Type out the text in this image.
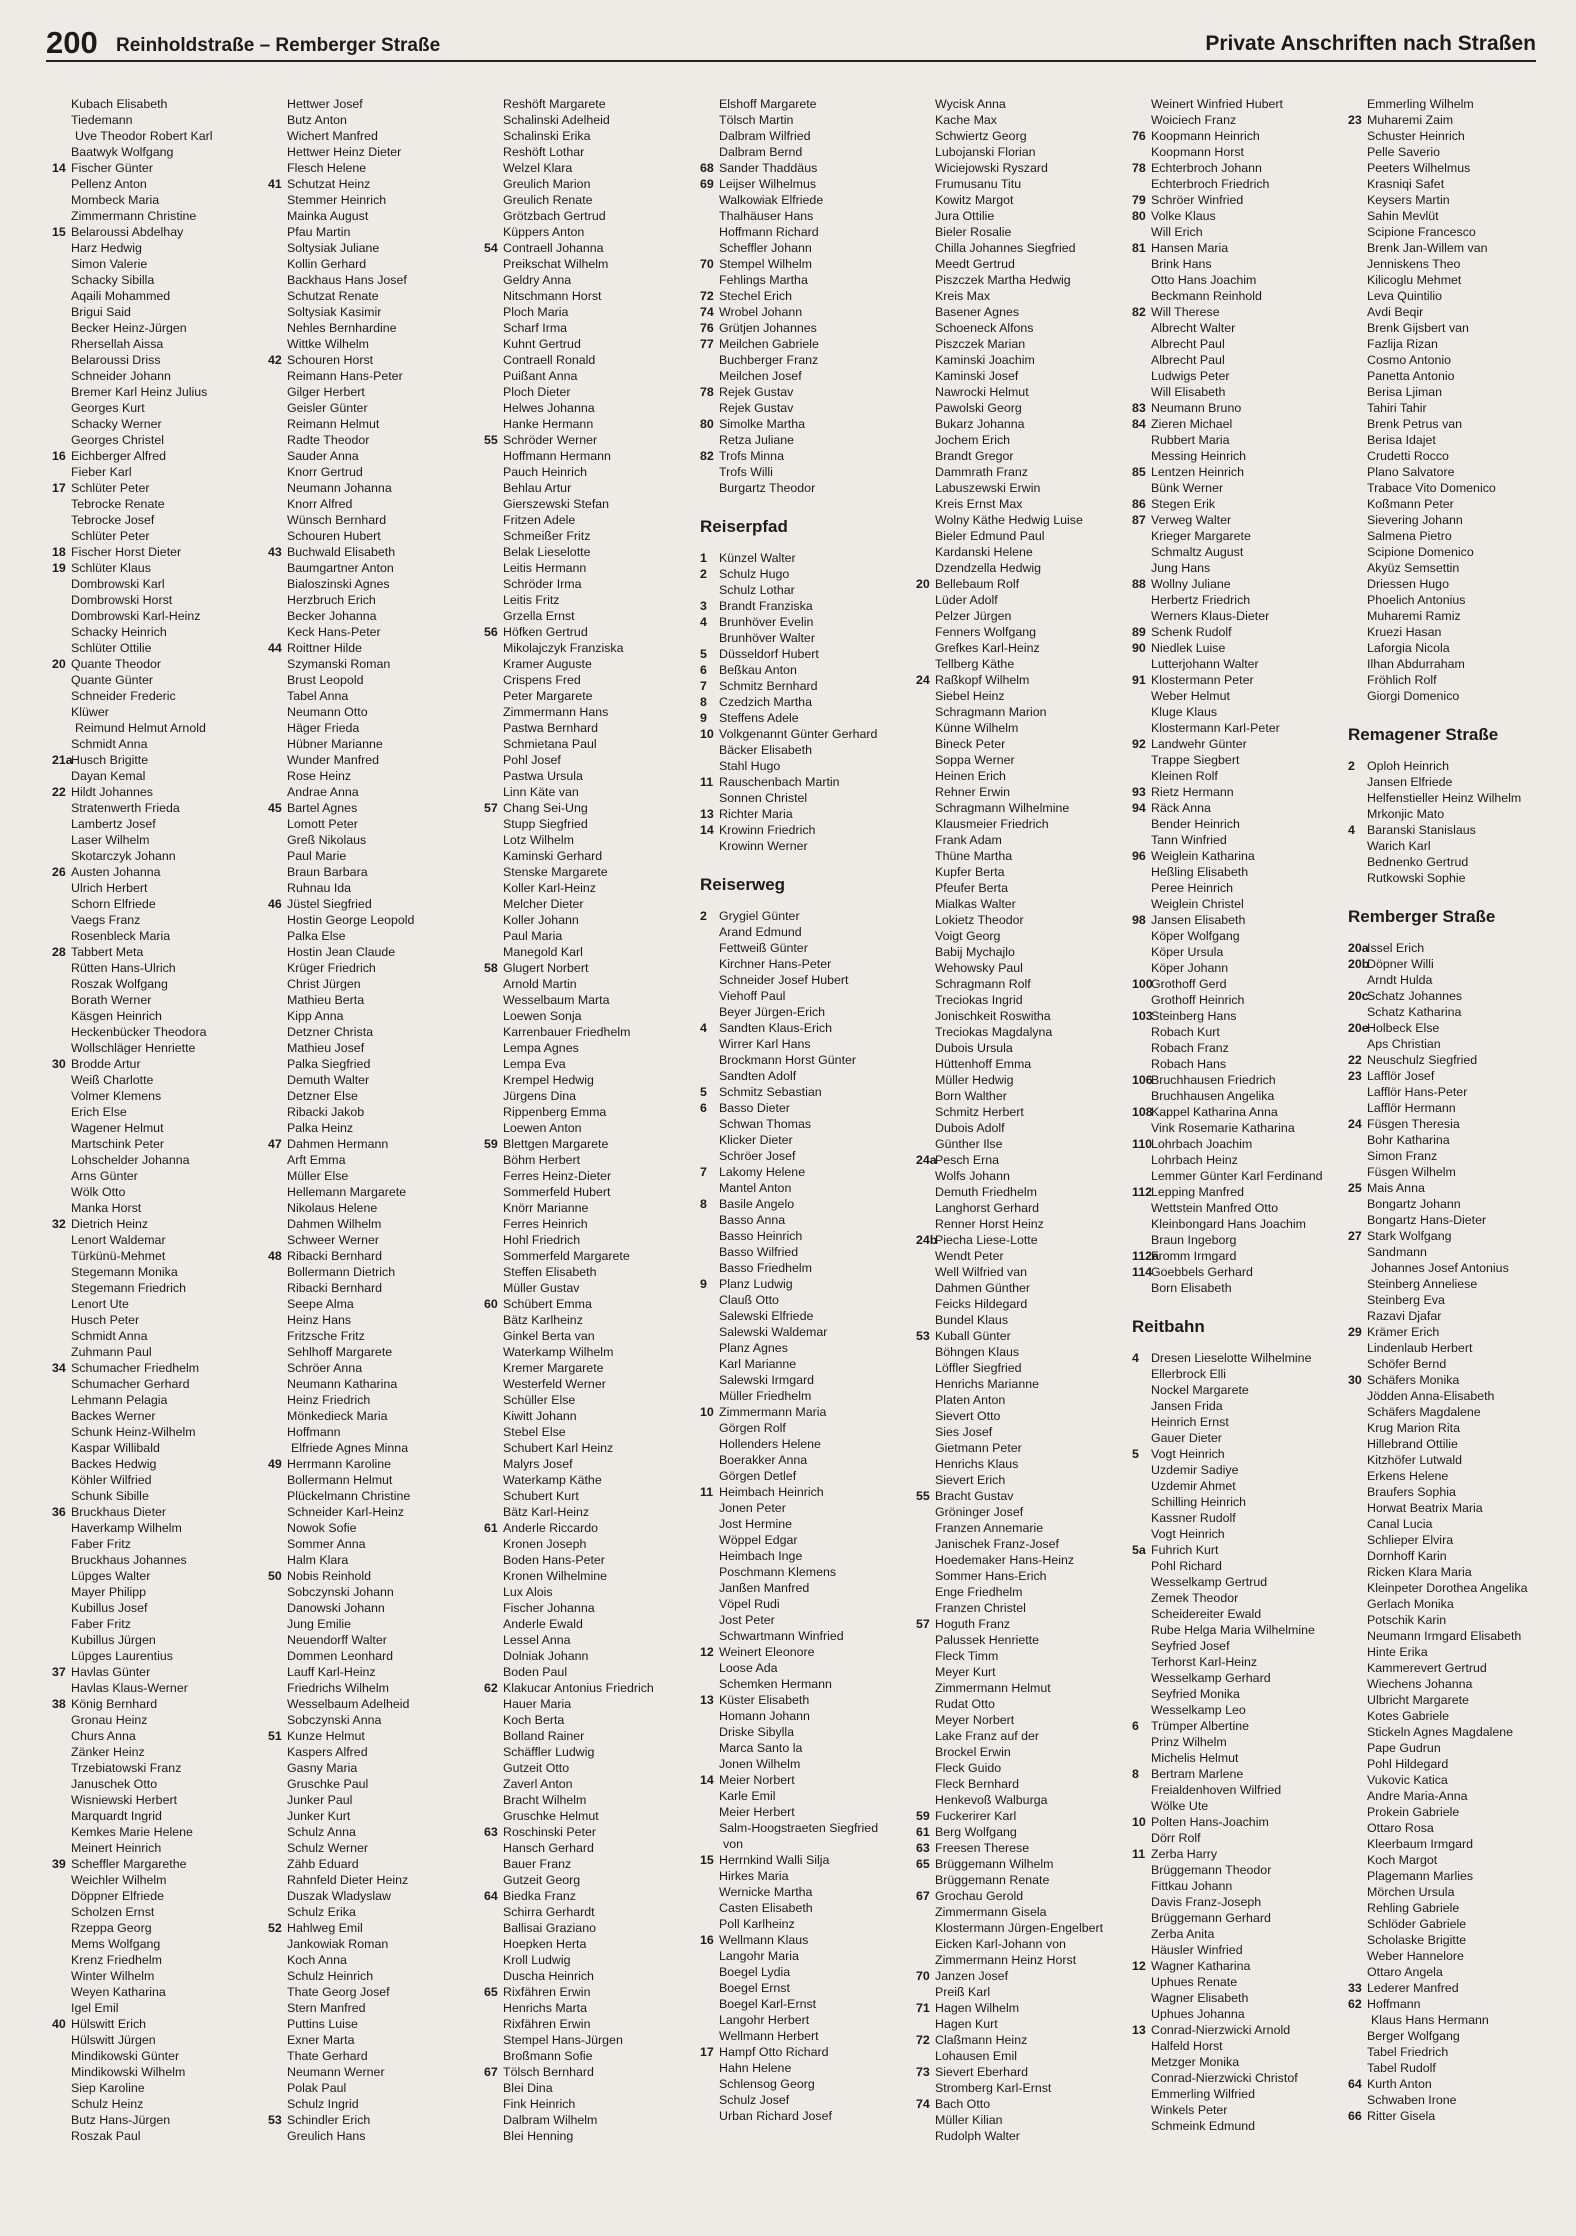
200 Reinholdstraße – Remberger Straße	Private Anschriften nach Straßen
Kubach Elisabeth
Tiedemann
Uve Theodor Robert Karl
Baatwyk Wolfgang
14 Fischer Günter
Pellenz Anton
Mombeck Maria
Zimmermann Christine
15 Belaroussi Abdelhay
Harz Hedwig
Simon Valerie
Schacky Sibilla
Aqaili Mohammed
Brigui Said
Becker Heinz-Jürgen
Rhersellah Aissa
Belaroussi Driss
Schneider Johann
Bremer Karl Heinz Julius
Georges Kurt
Schacky Werner
Georges Christel
16 Eichberger Alfred
Fieber Karl
17 Schlüter Peter
Tebrocke Renate
Tebrocke Josef
Schlüter Peter
18 Fischer Horst Dieter
19 Schlüter Klaus
Dombrowski Karl
Dombrowski Horst
Dombrowski Karl-Heinz
Schacky Heinrich
Schlüter Ottilie
20 Quante Theodor
Quante Günter
Schneider Frederic
Klüwer
Reimund Helmut Arnold
Schmidt Anna
21a
Husch Brigitte
Dayan Kemal
22 Hildt Johannes
Stratenwerth Frieda
Lambertz Josef
Laser Wilhelm
Skotarczyk Johann
26 Austen Johanna
Ulrich Herbert
Schorn Elfriede
Vaegs Franz
Rosenbleck Maria
28 Tabbert Meta
Rütten Hans-Ulrich
Roszak Wolfgang
Borath Werner
Käsgen Heinrich
Heckenbücker Theodora
Wollschläger Henriette
30 Brodde Artur
Weiß Charlotte
Volmer Klemens
Erich Else
Wagener Helmut
Martschink Peter
Lohschelder Johanna
Arns Günter
Wölk Otto
Manka Horst
32 Dietrich Heinz
Lenort Waldemar
Türkünü-Mehmet
Stegemann Monika
Stegemann Friedrich
Lenort Ute
Husch Peter
Schmidt Anna
Zuhmann Paul
34 Schumacher Friedhelm
Schumacher Gerhard
Lehmann Pelagia
Backes Werner
Schunk Heinz-Wilhelm
Kaspar Willibald
Backes Hedwig
Köhler Wilfried
Schunk Sibille
36 Bruckhaus Dieter
Haverkamp Wilhelm
Faber Fritz
Bruckhaus Johannes
Lüpges Walter
Mayer Philipp
Kubillus Josef
Faber Fritz
Kubillus Jürgen
Lüpges Laurentius
37 Havlas Günter
Havlas Klaus-Werner
38 König Bernhard
Gronau Heinz
Churs Anna
Zänker Heinz
Trzebiatowski Franz
Januschek Otto
Wisniewski Herbert
Marquardt Ingrid
Kemkes Marie Helene
Meinert Heinrich
39 Scheffler Margarethe
Weichler Wilhelm
Döppner Elfriede
Scholzen Ernst
Rzeppa Georg
Mems Wolfgang
Krenz Friedhelm
Winter Wilhelm
Weyen Katharina
Igel Emil
40 Hülswitt Erich
Hülswitt Jürgen
Mindikowski Günter
Mindikowski Wilhelm
Siep Karoline
Schulz Heinz
Butz Hans-Jürgen
Roszak Paul
Hettwer Josef
Butz Anton
Wichert Manfred
Hettwer Heinz Dieter
Flesch Helene
41 Schutzat Heinz
Stemmer Heinrich
Mainka August
Pfau Martin
Soltysiak Juliane
Kollin Gerhard
Backhaus Hans Josef
Schutzat Renate
Soltysiak Kasimir
Nehles Bernhardine
Wittke Wilhelm
42 Schouren Horst
Reimann Hans-Peter
Gilger Herbert
Geisler Günter
Reimann Helmut
Radte Theodor
Sauder Anna
Knorr Gertrud
Neumann Johanna
Knorr Alfred
Wünsch Bernhard
Schouren Hubert
43 Buchwald Elisabeth
Baumgartner Anton
Bialoszinski Agnes
Herzbruch Erich
Becker Johanna
Keck Hans-Peter
44 Roittner Hilde
Szymanski Roman
Brust Leopold
Tabel Anna
Neumann Otto
Häger Frieda
Hübner Marianne
Wunder Manfred
Rose Heinz
Andrae Anna
45 Bartel Agnes
Lomott Peter
Greß Nikolaus
Paul Marie
Braun Barbara
Ruhnau Ida
46 Jüstel Siegfried
Hostin George Leopold
Palka Else
Hostin Jean Claude
Krüger Friedrich
Christ Jürgen
Mathieu Berta
Kipp Anna
Detzner Christa
Mathieu Josef
Palka Siegfried
Demuth Walter
Detzner Else
Ribacki Jakob
Palka Heinz
47 Dahmen Hermann
Arft Emma
Müller Else
Hellemann Margarete
Nikolaus Helene
Dahmen Wilhelm
Schweer Werner
48 Ribacki Bernhard
Bollermann Dietrich
Ribacki Bernhard
Seepe Alma
Heinz Hans
Fritzsche Fritz
Sehlhoff Margarete
Schröer Anna
Neumann Katharina
Heinz Friedrich
Mönkedieck Maria
Hoffmann
Elfriede Agnes Minna
49 Herrmann Karoline
Bollermann Helmut
Plückelmann Christine
Schneider Karl-Heinz
Nowok Sofie
Sommer Anna
Halm Klara
50 Nobis Reinhold
Sobczynski Johann
Danowski Johann
Jung Emilie
Neuendorff Walter
Dommen Leonhard
Lauff Karl-Heinz
Friedrichs Wilhelm
Wesselbaum Adelheid
Sobczynski Anna
51 Kunze Helmut
Kaspers Alfred
Gasny Maria
Gruschke Paul
Junker Paul
Junker Kurt
Schulz Anna
Schulz Werner
Zähb Eduard
Rahnfeld Dieter Heinz
Duszak Wladyslaw
Schulz Erika
52 Hahlweg Emil
Jankowiak Roman
Koch Anna
Schulz Heinrich
Thate Georg Josef
Stern Manfred
Puttins Luise
Exner Marta
Thate Gerhard
Neumann Werner
Polak Paul
Schulz Ingrid
53 Schindler Erich
Greulich Hans
Reshöft Margarete
Schalinski Adelheid
Schalinski Erika
Reshöft Lothar
Welzel Klara
Greulich Marion
Greulich Renate
Grötzbach Gertrud
Küppers Anton
54 Contraell Johanna
Preikschat Wilhelm
Geldry Anna
Nitschmann Horst
Ploch Maria
Scharf Irma
Kuhnt Gertrud
Contraell Ronald
Puißant Anna
Ploch Dieter
Helwes Johanna
Hanke Hermann
55 Schröder Werner
Hoffmann Hermann
Pauch Heinrich
Behlau Artur
Gierszewski Stefan
Fritzen Adele
Schmeißer Fritz
Belak Lieselotte
Leitis Hermann
Schröder Irma
Leitis Fritz
Grzella Ernst
56 Höfken Gertrud
Mikolajczyk Franziska
Kramer Auguste
Crispens Fred
Peter Margarete
Zimmermann Hans
Pastwa Bernhard
Schmietana Paul
Pohl Josef
Pastwa Ursula
Linn Käte van
57 Chang Sei-Ung
Stupp Siegfried
Lotz Wilhelm
Kaminski Gerhard
Stenske Margarete
Koller Karl-Heinz
Melcher Dieter
Koller Johann
Paul Maria
Manegold Karl
58 Glugert Norbert
Arnold Martin
Wesselbaum Marta
Loewen Sonja
Karrenbauer Friedhelm
Lempa Agnes
Lempa Eva
Krempel Hedwig
Jürgens Dina
Rippenberg Emma
Loewen Anton
59 Blettgen Margarete
Böhm Herbert
Ferres Heinz-Dieter
Sommerfeld Hubert
Knörr Marianne
Ferres Heinrich
Hohl Friedrich
Sommerfeld Margarete
Steffen Elisabeth
Müller Gustav
60 Schübert Emma
Bätz Karlheinz
Ginkel Berta van
Waterkamp Wilhelm
Kremer Margarete
Westerfeld Werner
Schüller Else
Kiwitt Johann
Stebel Else
Schubert Karl Heinz
Malyrs Josef
Waterkamp Käthe
Schubert Kurt
Bätz Karl-Heinz
61 Anderle Riccardo
Kronen Joseph
Boden Hans-Peter
Kronen Wilhelmine
Lux Alois
Fischer Johanna
Anderle Ewald
Lessel Anna
Dolniak Johann
Boden Paul
62 Klakucar Antonius Friedrich
Hauer Maria
Koch Berta
Bolland Rainer
Schäffler Ludwig
Gutzeit Otto
Zaverl Anton
Bracht Wilhelm
Gruschke Helmut
63 Roschinski Peter
Hansch Gerhard
Bauer Franz
Gutzeit Georg
64 Biedka Franz
Schirra Gerhardt
Ballisai Graziano
Hoepken Herta
Kroll Ludwig
Duscha Heinrich
65 Rixfähren Erwin
Henrichs Marta
Rixfähren Erwin
Stempel Hans-Jürgen
Broßmann Sofie
67 Tölsch Bernhard
Blei Dina
Fink Heinrich
Dalbram Wilhelm
Blei Henning
Elshoff Margarete
Tölsch Martin
Dalbram Wilfried
Dalbram Bernd
68 Sander Thaddäus
69 Leijser Wilhelmus
Walkowiak Elfriede
Thalhäuser Hans
Hoffmann Richard
Scheffler Johann
70 Stempel Wilhelm
Fehlings Martha
72 Stechel Erich
74 Wrobel Johann
76 Grütjen Johannes
77 Meilchen Gabriele
Buchberger Franz
Meilchen Josef
78 Rejek Gustav
Rejek Gustav
80 Simolke Martha
Retza Juliane
82 Trofs Minna
Trofs Willi
Burgartz Theodor
Reiserpfad
1 Künzel Walter
2 Schulz Hugo
Schulz Lothar
3 Brandt Franziska
4 Brunhöver Evelin
Brunhöver Walter
5 Düsseldorf Hubert
6 Beßkau Anton
7 Schmitz Bernhard
8 Czedzich Martha
9 Steffens Adele
10 Volkgenannt Günter Gerhard
Bäcker Elisabeth
Stahl Hugo
11 Rauschenbach Martin
Sonnen Christel
13 Richter Maria
14 Krowinn Friedrich
Krowinn Werner
Reiserweg
2 Grygiel Günter
Arand Edmund
Fettweiß Günter
Kirchner Hans-Peter
Schneider Josef Hubert
Viehoff Paul
Beyer Jürgen-Erich
4 Sandten Klaus-Erich
Wirrer Karl Hans
Brockmann Horst Günter
Sandten Adolf
5 Schmitz Sebastian
6 Basso Dieter
Schwan Thomas
Klicker Dieter
Schröer Josef
7 Lakomy Helene
Mantel Anton
8 Basile Angelo
Basso Anna
Basso Heinrich
Basso Wilfried
Basso Friedhelm
9 Planz Ludwig
Clauß Otto
Salewski Elfriede
Salewski Waldemar
Planz Agnes
Karl Marianne
Salewski Irmgard
Müller Friedhelm
10 Zimmermann Maria
Görgen Rolf
Hollenders Helene
Boerakker Anna
Görgen Detlef
11 Heimbach Heinrich
Jonen Peter
Jost Hermine
Wöppel Edgar
Heimbach Inge
Poschmann Klemens
Janßen Manfred
Vöpel Rudi
Jost Peter
Schwartmann Winfried
12 Weinert Eleonore
Loose Ada
Schemken Hermann
13 Küster Elisabeth
Homann Johann
Driske Sibylla
Marca Santo la
Jonen Wilhelm
14 Meier Norbert
Karle Emil
Meier Herbert
Salm-Hoogstraeten Siegfried
von
15 Herrnkind Walli Silja
Hirkes Maria
Wernicke Martha
Casten Elisabeth
Poll Karlheinz
16 Wellmann Klaus
Langohr Maria
Boegel Lydia
Boegel Ernst
Boegel Karl-Ernst
Langohr Herbert
Wellmann Herbert
17 Hampf Otto Richard
Hahn Helene
Schlensog Georg
Schulz Josef
Urban Richard Josef
Wycisk Anna
Kache Max
Schwiertz Georg
Lubojanski Florian
Wiciejowski Ryszard
Frumusanu Titu
Kowitz Margot
Jura Ottilie
Bieler Rosalie
Chilla Johannes Siegfried
Meedt Gertrud
Piszczek Martha Hedwig
Kreis Max
Basener Agnes
Schoeneck Alfons
Piszczek Marian
Kaminski Joachim
Kaminski Josef
Nawrocki Helmut
Pawolski Georg
Bukarz Johanna
Jochem Erich
Brandt Gregor
Dammrath Franz
Labuszewski Erwin
Kreis Ernst Max
Wolny Käthe Hedwig Luise
Bieler Edmund Paul
Kardanski Helene
Dzendzella Hedwig
20 Bellebaum Rolf
Lüder Adolf
Pelzer Jürgen
Fenners Wolfgang
Grefkes Karl-Heinz
Tellberg Käthe
24 Raßkopf Wilhelm
Siebel Heinz
Schragmann Marion
Künne Wilhelm
Bineck Peter
Soppa Werner
Heinen Erich
Rehner Erwin
Schragmann Wilhelmine
Klausmeier Friedrich
Frank Adam
Thüne Martha
Kupfer Berta
Pfeufer Berta
Mialkas Walter
Lokietz Theodor
Voigt Georg
Babij Mychajlo
Wehowsky Paul
Schragmann Rolf
Treciokas Ingrid
Jonischkeit Roswitha
Treciokas Magdalyna
Dubois Ursula
Hüttenhoff Emma
Müller Hedwig
Born Walther
Schmitz Herbert
Dubois Adolf
Günther Ilse
24a
Pesch Erna
Wolfs Johann
Demuth Friedhelm
Langhorst Gerhard
Renner Horst Heinz
24b
Piecha Liese-Lotte
Wendt Peter
Well Wilfried van
Dahmen Günther
Feicks Hildegard
Bundel Klaus
53 Kuball Günter
Böhngen Klaus
Löffler Siegfried
Henrichs Marianne
Platen Anton
Sievert Otto
Sies Josef
Gietmann Peter
Henrichs Klaus
Sievert Erich
55 Bracht Gustav
Gröninger Josef
Franzen Annemarie
Janischek Franz-Josef
Hoedemaker Hans-Heinz
Sommer Hans-Erich
Enge Friedhelm
Franzen Christel
57 Hoguth Franz
Palussek Henriette
Fleck Timm
Meyer Kurt
Zimmermann Helmut
Rudat Otto
Meyer Norbert
Lake Franz auf der
Brockel Erwin
Fleck Guido
Fleck Bernhard
Henkevoß Walburga
59 Fuckerirer Karl
61 Berg Wolfgang
63 Freesen Therese
65 Brüggemann Wilhelm
Brüggemann Renate
67 Grochau Gerold
Zimmermann Gisela
Klostermann Jürgen-Engelbert
Eicken Karl-Johann von
Zimmermann Heinz Horst
70 Janzen Josef
Preiß Karl
71 Hagen Wilhelm
Hagen Kurt
72 Claßmann Heinz
Lohausen Emil
73 Sievert Eberhard
Stromberg Karl-Ernst
74 Bach Otto
Müller Kilian
Rudolph Walter
Weinert Winfried Hubert
Woiciech Franz
76 Koopmann Heinrich
Koopmann Horst
78 Echterbroch Johann
Echterbroch Friedrich
79 Schröer Winfried
80 Volke Klaus
Will Erich
81 Hansen Maria
Brink Hans
Otto Hans Joachim
Beckmann Reinhold
82 Will Therese
Albrecht Walter
Albrecht Paul
Albrecht Paul
Ludwigs Peter
Will Elisabeth
83 Neumann Bruno
84 Zieren Michael
Rubbert Maria
Messing Heinrich
85 Lentzen Heinrich
Bünk Werner
86 Stegen Erik
87 Verweg Walter
Krieger Margarete
Schmaltz August
Jung Hans
88 Wollny Juliane
Herbertz Friedrich
Werners Klaus-Dieter
89 Schenk Rudolf
90 Niedlek Luise
Lutterjohann Walter
91 Klostermann Peter
Weber Helmut
Kluge Klaus
Klostermann Karl-Peter
92 Landwehr Günter
Trappe Siegbert
Kleinen Rolf
93 Rietz Hermann
94 Räck Anna
Bender Heinrich
Tann Winfried
96 Weiglein Katharina
Heßling Elisabeth
Peree Heinrich
Weiglein Christel
98 Jansen Elisabeth
Köper Wolfgang
Köper Ursula
Köper Johann
100
Grothoff Gerd
Grothoff Heinrich
103
Steinberg Hans
Robach Kurt
Robach Franz
Robach Hans
106
Bruchhausen Friedrich
Bruchhausen Angelika
108
Kappel Katharina Anna
Vink Rosemarie Katharina
110 Lohrbach Joachim
Lohrbach Heinz
Lemmer Günter Karl Ferdinand
112 Lepping Manfred
Wettstein Manfred Otto
Kleinbongard Hans Joachim
Braun Ingeborg
112a
Fromm Irmgard
114 Goebbels Gerhard
Born Elisabeth
Reitbahn
4 Dresen Lieselotte Wilhelmine
Ellerbrock Elli
Nockel Margarete
Jansen Frida
Heinrich Ernst
Gauer Dieter
5 Vogt Heinrich
Uzdemir Sadiye
Uzdemir Ahmet
Schilling Heinrich
Kassner Rudolf
Vogt Heinrich
5a Fuhrich Kurt
Pohl Richard
Wesselkamp Gertrud
Zemek Theodor
Scheidereiter Ewald
Rube Helga Maria Wilhelmine
Seyfried Josef
Terhorst Karl-Heinz
Wesselkamp Gerhard
Seyfried Monika
Wesselkamp Leo
6 Trümper Albertine
Prinz Wilhelm
Michelis Helmut
8 Bertram Marlene
Freialdenhoven Wilfried
Wölke Ute
10 Polten Hans-Joachim
Dörr Rolf
11 Zerba Harry
Brüggemann Theodor
Fittkau Johann
Davis Franz-Joseph
Brüggemann Gerhard
Zerba Anita
Häusler Winfried
12 Wagner Katharina
Uphues Renate
Wagner Elisabeth
Uphues Johanna
13 Conrad-Nierzwicki Arnold
Halfeld Horst
Metzger Monika
Conrad-Nierzwicki Christof
Emmerling Wilfried
Winkels Peter
Schmeink Edmund
Emmerling Wilhelm
23 Muharemi Zaim
Schuster Heinrich
Pelle Saverio
Peeters Wilhelmus
Krasniqi Safet
Keysers Martin
Sahin Mevlüt
Scipione Francesco
Brenk Jan-Willem van
Jenniskens Theo
Kilicoglu Mehmet
Leva Quintilio
Avdi Beqir
Brenk Gijsbert van
Fazlija Rizan
Cosmo Antonio
Panetta Antonio
Berisa Ljiman
Tahiri Tahir
Brenk Petrus van
Berisa Idajet
Crudetti Rocco
Plano Salvatore
Trabace Vito Domenico
Koßmann Peter
Sievering Johann
Salmena Pietro
Scipione Domenico
Akyüz Semsettin
Driessen Hugo
Phoelich Antonius
Muharemi Ramiz
Kruezi Hasan
Laforgia Nicola
Ilhan Abdurraham
Fröhlich Rolf
Giorgi Domenico
Remagener Straße
2 Oploh Heinrich
Jansen Elfriede
Helfenstieller Heinz Wilhelm
Mrkonjic Mato
4 Baranski Stanislaus
Warich Karl
Bednenko Gertrud
Rutkowski Sophie
Remberger Straße
20a
Issel Erich
20b
Döpner Willi
Arndt Hulda
20c
Schatz Johannes
Schatz Katharina
20e
Holbeck Else
Aps Christian
22 Neuschulz Siegfried
23 Lafflör Josef
Lafflör Hans-Peter
Lafflör Hermann
24 Füsgen Theresia
Bohr Katharina
Simon Franz
Füsgen Wilhelm
25 Mais Anna
Bongartz Johann
Bongartz Hans-Dieter
27 Stark Wolfgang
Sandmann
Johannes Josef Antonius
Steinberg Anneliese
Steinberg Eva
Razavi Djafar
29 Krämer Erich
Lindenlaub Herbert
Schöfer Bernd
30 Schäfers Monika
Jödden Anna-Elisabeth
Schäfers Magdalene
Krug Marion Rita
Hillebrand Ottilie
Kitzhöfer Lutwald
Erkens Helene
Braufers Sophia
Horwat Beatrix Maria
Canal Lucia
Schlieper Elvira
Dornhoff Karin
Ricken Klara Maria
Kleinpeter Dorothea Angelika
Gerlach Monika
Potschik Karin
Neumann Irmgard Elisabeth
Hinte Erika
Kammerevert Gertrud
Wiechens Johanna
Ulbricht Margarete
Kotes Gabriele
Stickeln Agnes Magdalene
Pape Gudrun
Pohl Hildegard
Vukovic Katica
Andre Maria-Anna
Prokein Gabriele
Ottaro Rosa
Kleerbaum Irmgard
Koch Margot
Plagemann Marlies
Mörchen Ursula
Rehling Gabriele
Schlöder Gabriele
Scholaske Brigitte
Weber Hannelore
Ottaro Angela
33 Lederer Manfred
62 Hoffmann
Klaus Hans Hermann
Berger Wolfgang
Tabel Friedrich
Tabel Rudolf
64 Kurth Anton
Schwaben Irone
66 Ritter Gisela
